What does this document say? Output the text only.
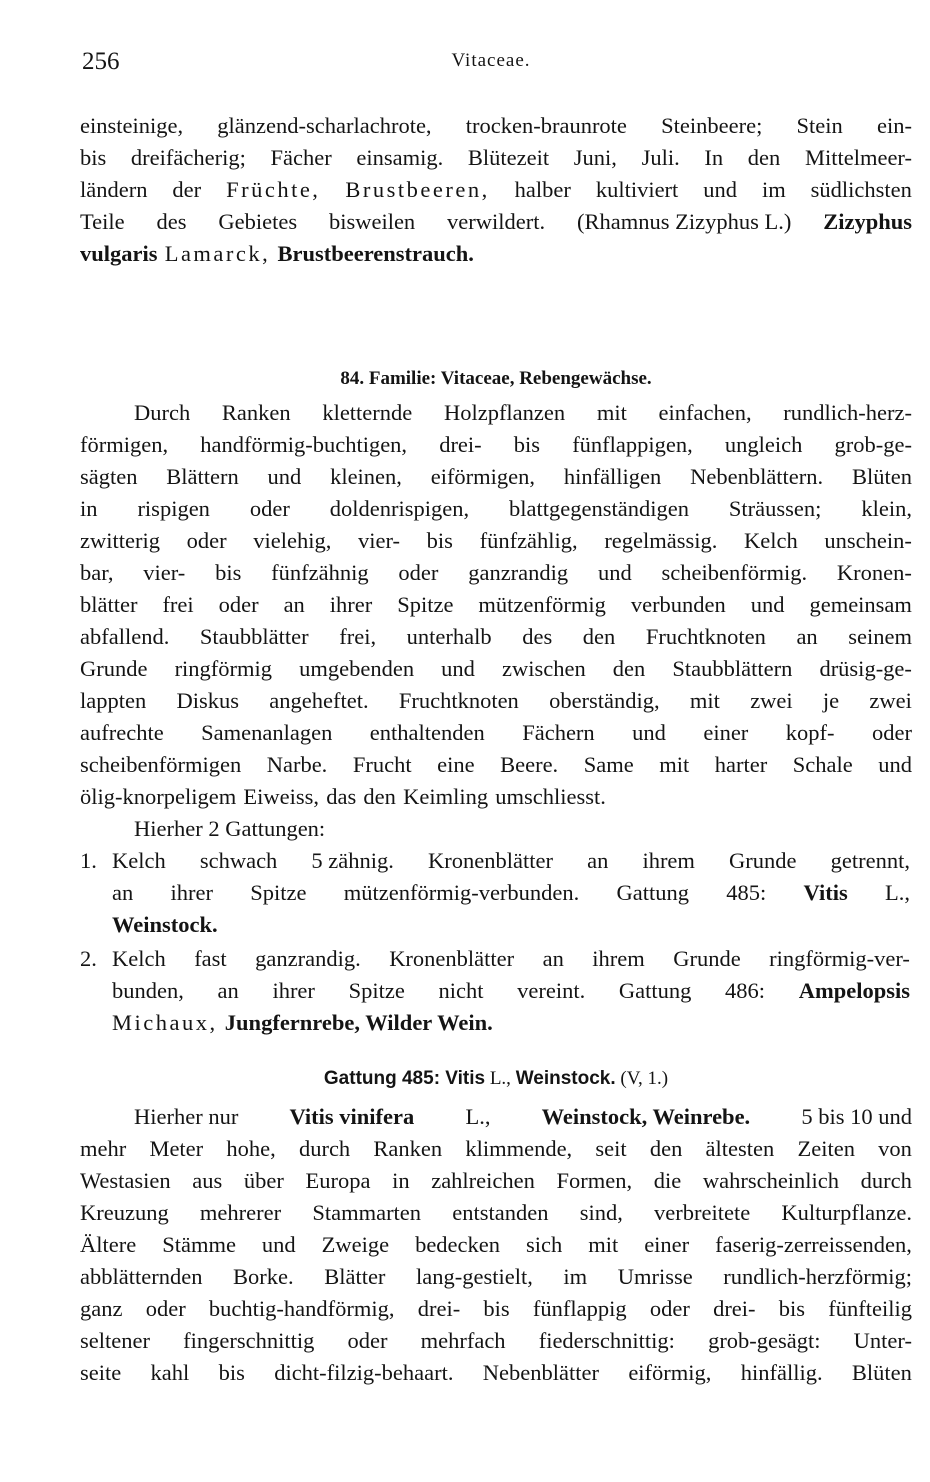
256	Vitaceae.
einsteinige, glänzend-scharlachrote, trocken-braunrote Steinbeere; Stein ein-
bis dreifächerig; Fächer einsamig. Blütezeit Juni, Juli. In den Mittelmeer-
ländern der Früchte, Brustbeeren, halber kultiviert und im südlichsten
Teile des Gebietes bisweilen verwildert. (Rhamnus Zizyphus L.) Zizyphus
vulgaris Lamarck, Brustbeerenstrauch.
84. Familie: Vitaceae, Rebengewächse.
Durch Ranken kletternde Holzpflanzen mit einfachen, rundlich-herz-
förmigen, handförmig-buchtigen, drei- bis fünflappigen, ungleich grob-ge-
sägten Blättern und kleinen, eiförmigen, hinfälligen Nebenblättern. Blüten
in rispigen oder doldenrispigen, blattgegenständigen Sträussen; klein,
zwitterig oder vielehig, vier- bis fünfzählig, regelmässig. Kelch unschein-
bar, vier- bis fünfzähnig oder ganzrandig und scheibenförmig. Kronen-
blätter frei oder an ihrer Spitze mützenförmig verbunden und gemeinsam
abfallend. Staubblätter frei, unterhalb des den Fruchtknoten an seinem
Grunde ringförmig umgebenden und zwischen den Staubblättern drüsig-ge-
lappten Diskus angeheftet. Fruchtknoten oberständig, mit zwei je zwei
aufrechte Samenanlagen enthaltenden Fächern und einer kopf- oder
scheibenförmigen Narbe. Frucht eine Beere. Same mit harter Schale und
ölig-knorpeligem Eiweiss, das den Keimling umschliesst.
Hierher 2 Gattungen:
1. Kelch schwach 5 zähnig. Kronenblätter an ihrem Grunde getrennt,
an ihrer Spitze mützenförmig-verbunden. Gattung 485: Vitis L.,
Weinstock.
2. Kelch fast ganzrandig. Kronenblätter an ihrem Grunde ringförmig-ver-
bunden, an ihrer Spitze nicht vereint. Gattung 486: Ampelopsis
Michaux, Jungfernrebe, Wilder Wein.
Gattung 485: Vitis L., Weinstock. (V, 1.)
Hierher nur Vitis vinifera L., Weinstock, Weinrebe. 5 bis 10 und
mehr Meter hohe, durch Ranken klimmende, seit den ältesten Zeiten von
Westasien aus über Europa in zahlreichen Formen, die wahrscheinlich durch
Kreuzung mehrerer Stammarten entstanden sind, verbreitete Kulturpflanze.
Ältere Stämme und Zweige bedecken sich mit einer faserig-zerreissenden,
abblätternden Borke. Blätter lang-gestielt, im Umrisse rundlich-herzförmig;
ganz oder buchtig-handförmig, drei- bis fünflappig oder drei- bis fünfteilig
seltener fingerschnittig oder mehrfach fiederschnittig: grob-gesägt: Unter-
seite kahl bis dicht-filzig-behaart. Nebenblätter eiförmig, hinfällig. Blüten
